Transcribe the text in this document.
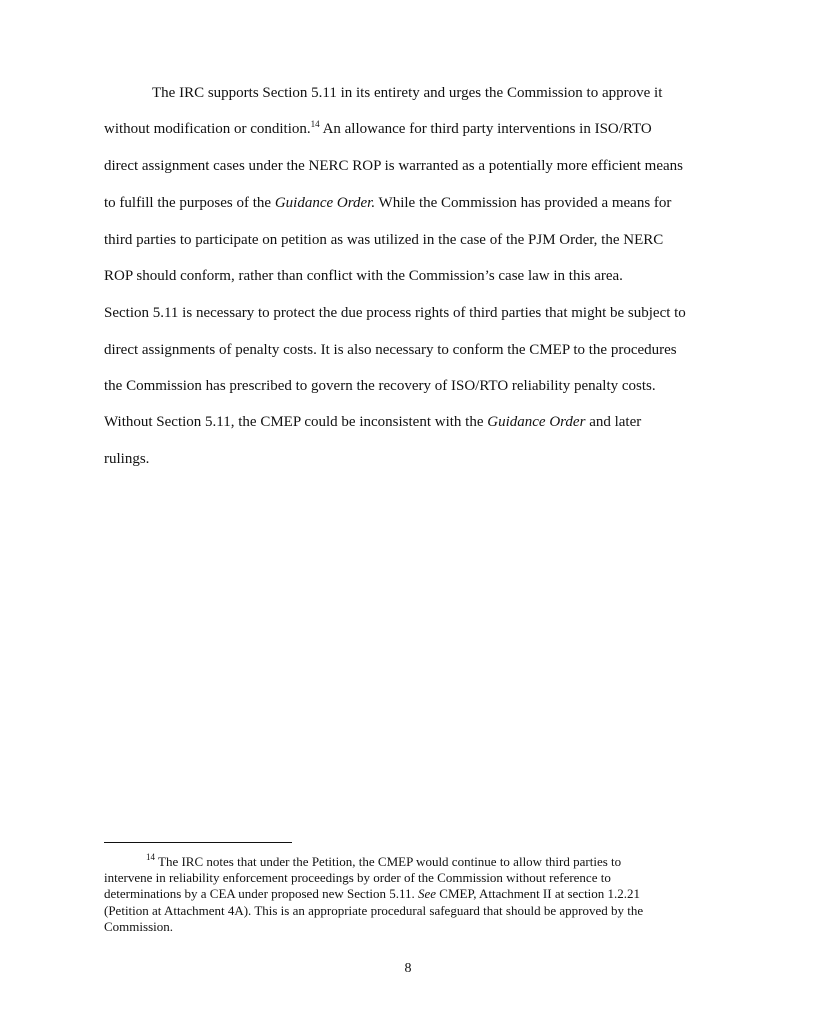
The IRC supports Section 5.11 in its entirety and urges the Commission to approve it
without modification or condition.$^{14}$ An allowance for third party interventions in ISO/RTO
direct assignment cases under the NERC ROP is warranted as a potentially more efficient means
to fulfill the purposes of the Guidance Order. While the Commission has provided a means for
third parties to participate on petition as was utilized in the case of the PJM Order, the NERC
ROP should conform, rather than conflict with the Commission’s case law in this area.
Section 5.11 is necessary to protect the due process rights of third parties that might be subject to
direct assignments of penalty costs. It is also necessary to conform the CMEP to the procedures
the Commission has prescribed to govern the recovery of ISO/RTO reliability penalty costs.
Without Section 5.11, the CMEP could be inconsistent with the Guidance Order and later
rulings.
$^{14}$ The IRC notes that under the Petition, the CMEP would continue to allow third parties to
intervene in reliability enforcement proceedings by order of the Commission without reference to
determinations by a CEA under proposed new Section 5.11. See CMEP, Attachment II at section 1.2.21
(Petition at Attachment 4A). This is an appropriate procedural safeguard that should be approved by the
Commission.
8
